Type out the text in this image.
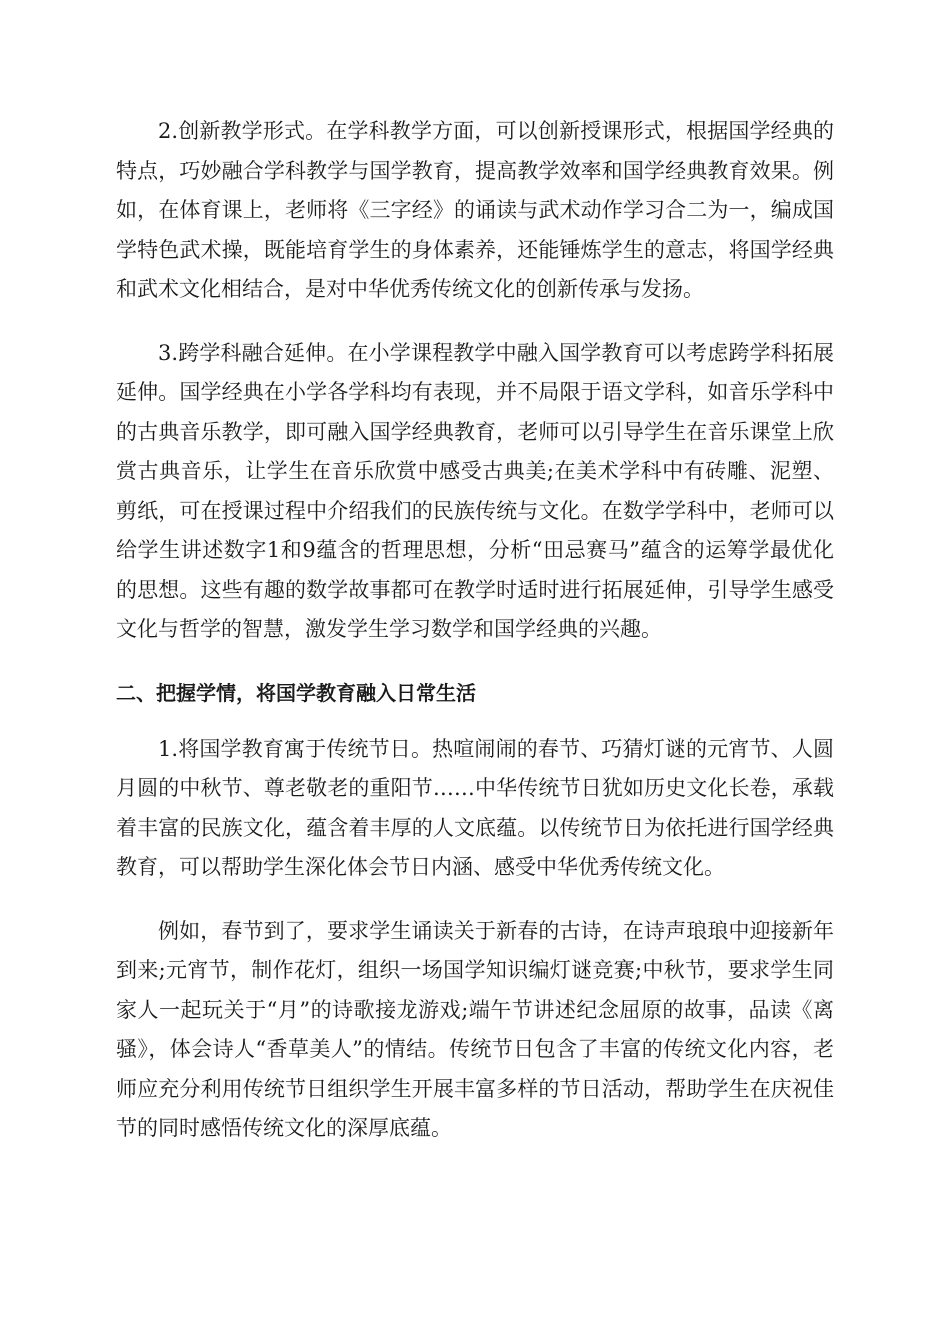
2.创新教学形式。在学科教学方面，可以创新授课形式，根据国学经典的特点，巧妙融合学科教学与国学教育，提高教学效率和国学经典教育效果。例如，在体育课上，老师将《三字经》的诵读与武术动作学习合二为一，编成国学特色武术操，既能培育学生的身体素养，还能锤炼学生的意志，将国学经典和武术文化相结合，是对中华优秀传统文化的创新传承与发扬。

3.跨学科融合延伸。在小学课程教学中融入国学教育可以考虑跨学科拓展延伸。国学经典在小学各学科均有表现，并不局限于语文学科，如音乐学科中的古典音乐教学，即可融入国学经典教育，老师可以引导学生在音乐课堂上欣赏古典音乐，让学生在音乐欣赏中感受古典美;在美术学科中有砖雕、泥塑、剪纸，可在授课过程中介绍我们的民族传统与文化。在数学学科中，老师可以给学生讲述数字1和9蕴含的哲理思想，分析“田忌赛马”蕴含的运筹学最优化的思想。这些有趣的数学故事都可在教学时适时进行拓展延伸，引导学生感受文化与哲学的智慧，激发学生学习数学和国学经典的兴趣。

二、把握学情，将国学教育融入日常生活

1.将国学教育寓于传统节日。热喧闹闹的春节、巧猜灯谜的元宵节、人圆月圆的中秋节、尊老敬老的重阳节……中华传统节日犹如历史文化长卷，承载着丰富的民族文化，蕴含着丰厚的人文底蕴。以传统节日为依托进行国学经典教育，可以帮助学生深化体会节日内涵、感受中华优秀传统文化。

例如，春节到了，要求学生诵读关于新春的古诗，在诗声琅琅中迎接新年到来;元宵节，制作花灯，组织一场国学知识编灯谜竞赛;中秋节，要求学生同家人一起玩关于“月”的诗歌接龙游戏;端午节讲述纪念屈原的故事，品读《离骚》，体会诗人“香草美人”的情结。传统节日包含了丰富的传统文化内容，老师应充分利用传统节日组织学生开展丰富多样的节日活动，帮助学生在庆祝佳节的同时感悟传统文化的深厚底蕴。
